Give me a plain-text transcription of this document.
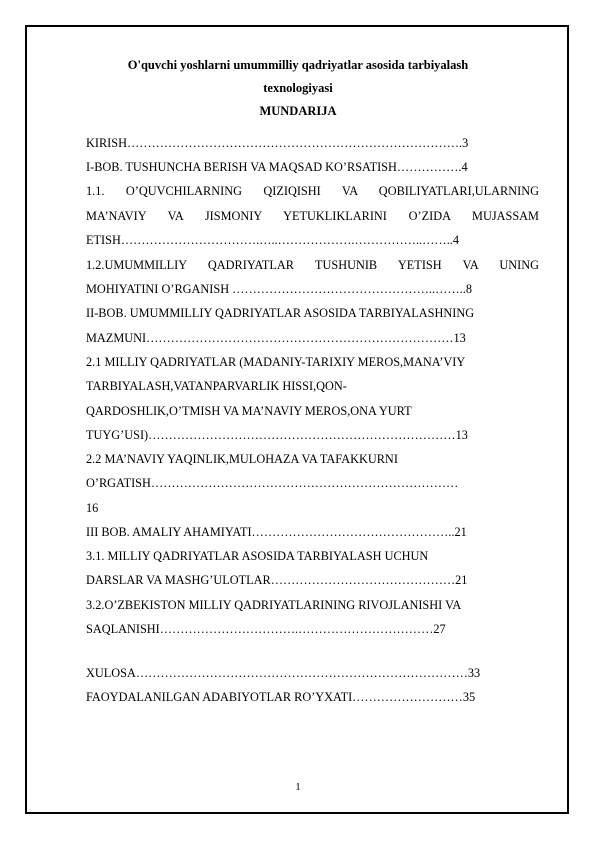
O'quvchi yoshlarni umummilliy qadriyatlar asosida tarbiyalash
texnologiyasi
MUNDARIJA
KIRISH……………………………………………………………………….3
I-BOB. TUSHUNCHA BERISH VA MAQSAD KO’RSATISH…………….4
1.1. O’QUVCHILARNING QIZIQISHI VA QOBILIYATLARI,ULARNING
MA’NAVIY VA JISMONIY YETUKLIKLARINI O’ZIDA MUJASSAM
ETISH…………………………….…..……………….……………..……..4
1.2.UMUMMILLIY QADRIYATLAR TUSHUNIB YETISH VA UNING
MOHIYATINI O’RGANISH …………………………………………..……..8
II-BOB. UMUMMILLIY QADRIYATLAR ASOSIDA TARBIYALASHNING
MAZMUNI…………………………………………………………………13
2.1 MILLIY QADRIYATLAR (MADANIY-TARIXIY MEROS,MANA’VIY
TARBIYALASH,VATANPARVARLIK HISSI,QON-
QARDOSHLIK,O’TMISH VA MA’NAVIY MEROS,ONA YURT
TUYG’USI)…………………………………………………………………13
2.2 MA’NAVIY YAQINLIK,MULOHAZA VA TAFAKKURNI
O’RGATISH…………………………………………………………………
16
III BOB. AMALIY AHAMIYATI…………………………………………..21
3.1. MILLIY QADRIYATLAR ASOSIDA TARBIYALASH UCHUN
DARSLAR VA MASHG’ULOTLAR………………………………………21
3.2.O’ZBEKISTON MILLIY QADRIYATLARINING RIVOJLANISHI VA
SAQLANISHI…………………………….……………………………27
XULOSA………………………………………………………………………33
FAOYDALANILGAN ADABIYOTLAR RO’YXATI………………………35
1
